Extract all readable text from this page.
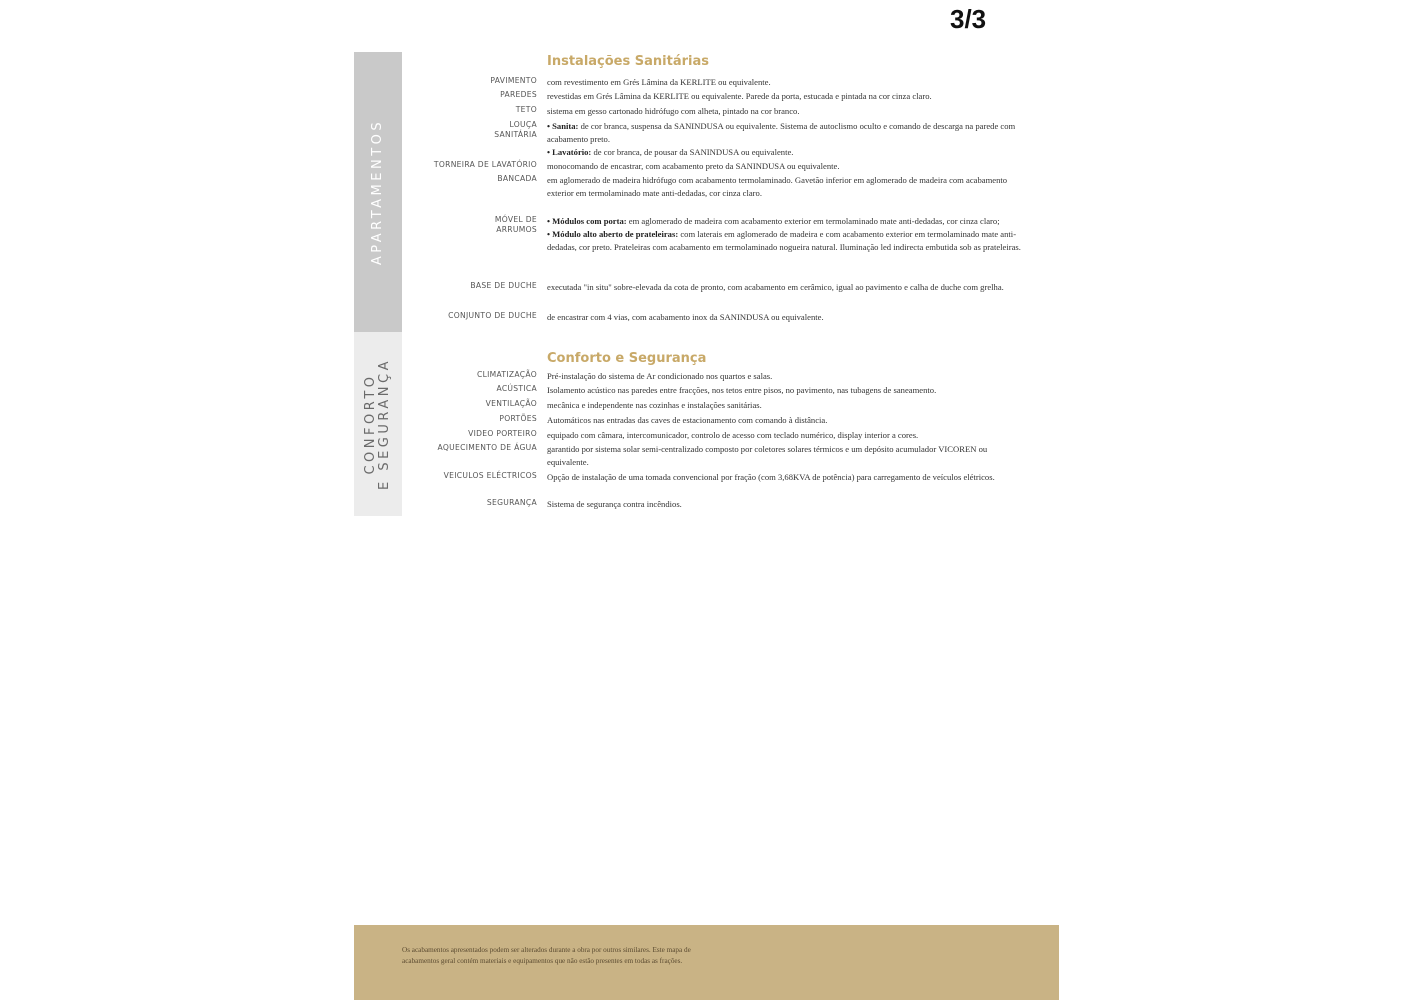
3/3
APARTAMENTOS
CONFORTO E SEGURANÇA
Instalações Sanitárias
PAVIMENTO com revestimento em Grés Lâmina da KERLITE ou equivalente.
PAREDES revestidas em Grés Lâmina da KERLITE ou equivalente. Parede da porta, estucada e pintada na cor cinza claro.
TETO sistema em gesso cartonado hidrófugo com alheta, pintado na cor branco.
LOUÇA
SANITÁRIA
• Sanita: de cor branca, suspensa da SANINDUSA ou equivalente. Sistema de autoclismo oculto e comando de descarga na parede com acabamento preto.
• Lavatório: de cor branca, de pousar da SANINDUSA ou equivalente.
TORNEIRA DE LAVATÓRIO monocomando de encastrar, com acabamento preto da SANINDUSA ou equivalente.
BANCADA em aglomerado de madeira hidrófugo com acabamento termolaminado. Gavetão inferior em aglomerado de madeira com acabamento exterior em termolaminado mate anti-dedadas, cor cinza claro.
MÓVEL DE
ARRUMOS
• Módulos com porta: em aglomerado de madeira com acabamento exterior em termolaminado mate anti-dedadas, cor cinza claro;
• Módulo alto aberto de prateleiras: com laterais em aglomerado de madeira e com acabamento exterior em termolaminado mate anti-dedadas, cor preto. Prateleiras com acabamento em termolaminado nogueira natural. Iluminação led indirecta embutida sob as prateleiras.
BASE DE DUCHE executada "in situ" sobre-elevada da cota de pronto, com acabamento em cerâmico, igual ao pavimento e calha de duche com grelha.
CONJUNTO DE DUCHE de encastrar com 4 vias, com acabamento inox da SANINDUSA ou equivalente.
Conforto e Segurança
CLIMATIZAÇÃO Pré-instalação do sistema de Ar condicionado nos quartos e salas.
ACÚSTICA Isolamento acústico nas paredes entre fracções, nos tetos entre pisos, no pavimento, nas tubagens de saneamento.
VENTILAÇÃO mecânica e independente nas cozinhas e instalações sanitárias.
PORTÕES Automáticos nas entradas das caves de estacionamento com comando à distância.
VIDEO PORTEIRO equipado com câmara, intercomunicador, controlo de acesso com teclado numérico, display interior a cores.
AQUECIMENTO DE ÁGUA garantido por sistema solar semi-centralizado composto por coletores solares térmicos e um depósito acumulador VICOREN ou equivalente.
VEICULOS ELÉCTRICOS Opção de instalação de uma tomada convencional por fração (com 3,68KVA de potência) para carregamento de veículos elétricos.
SEGURANÇA Sistema de segurança contra incêndios.
Os acabamentos apresentados podem ser alterados durante a obra por outros similares. Este mapa de acabamentos geral contém materiais e equipamentos que não estão presentes em todas as frações.
